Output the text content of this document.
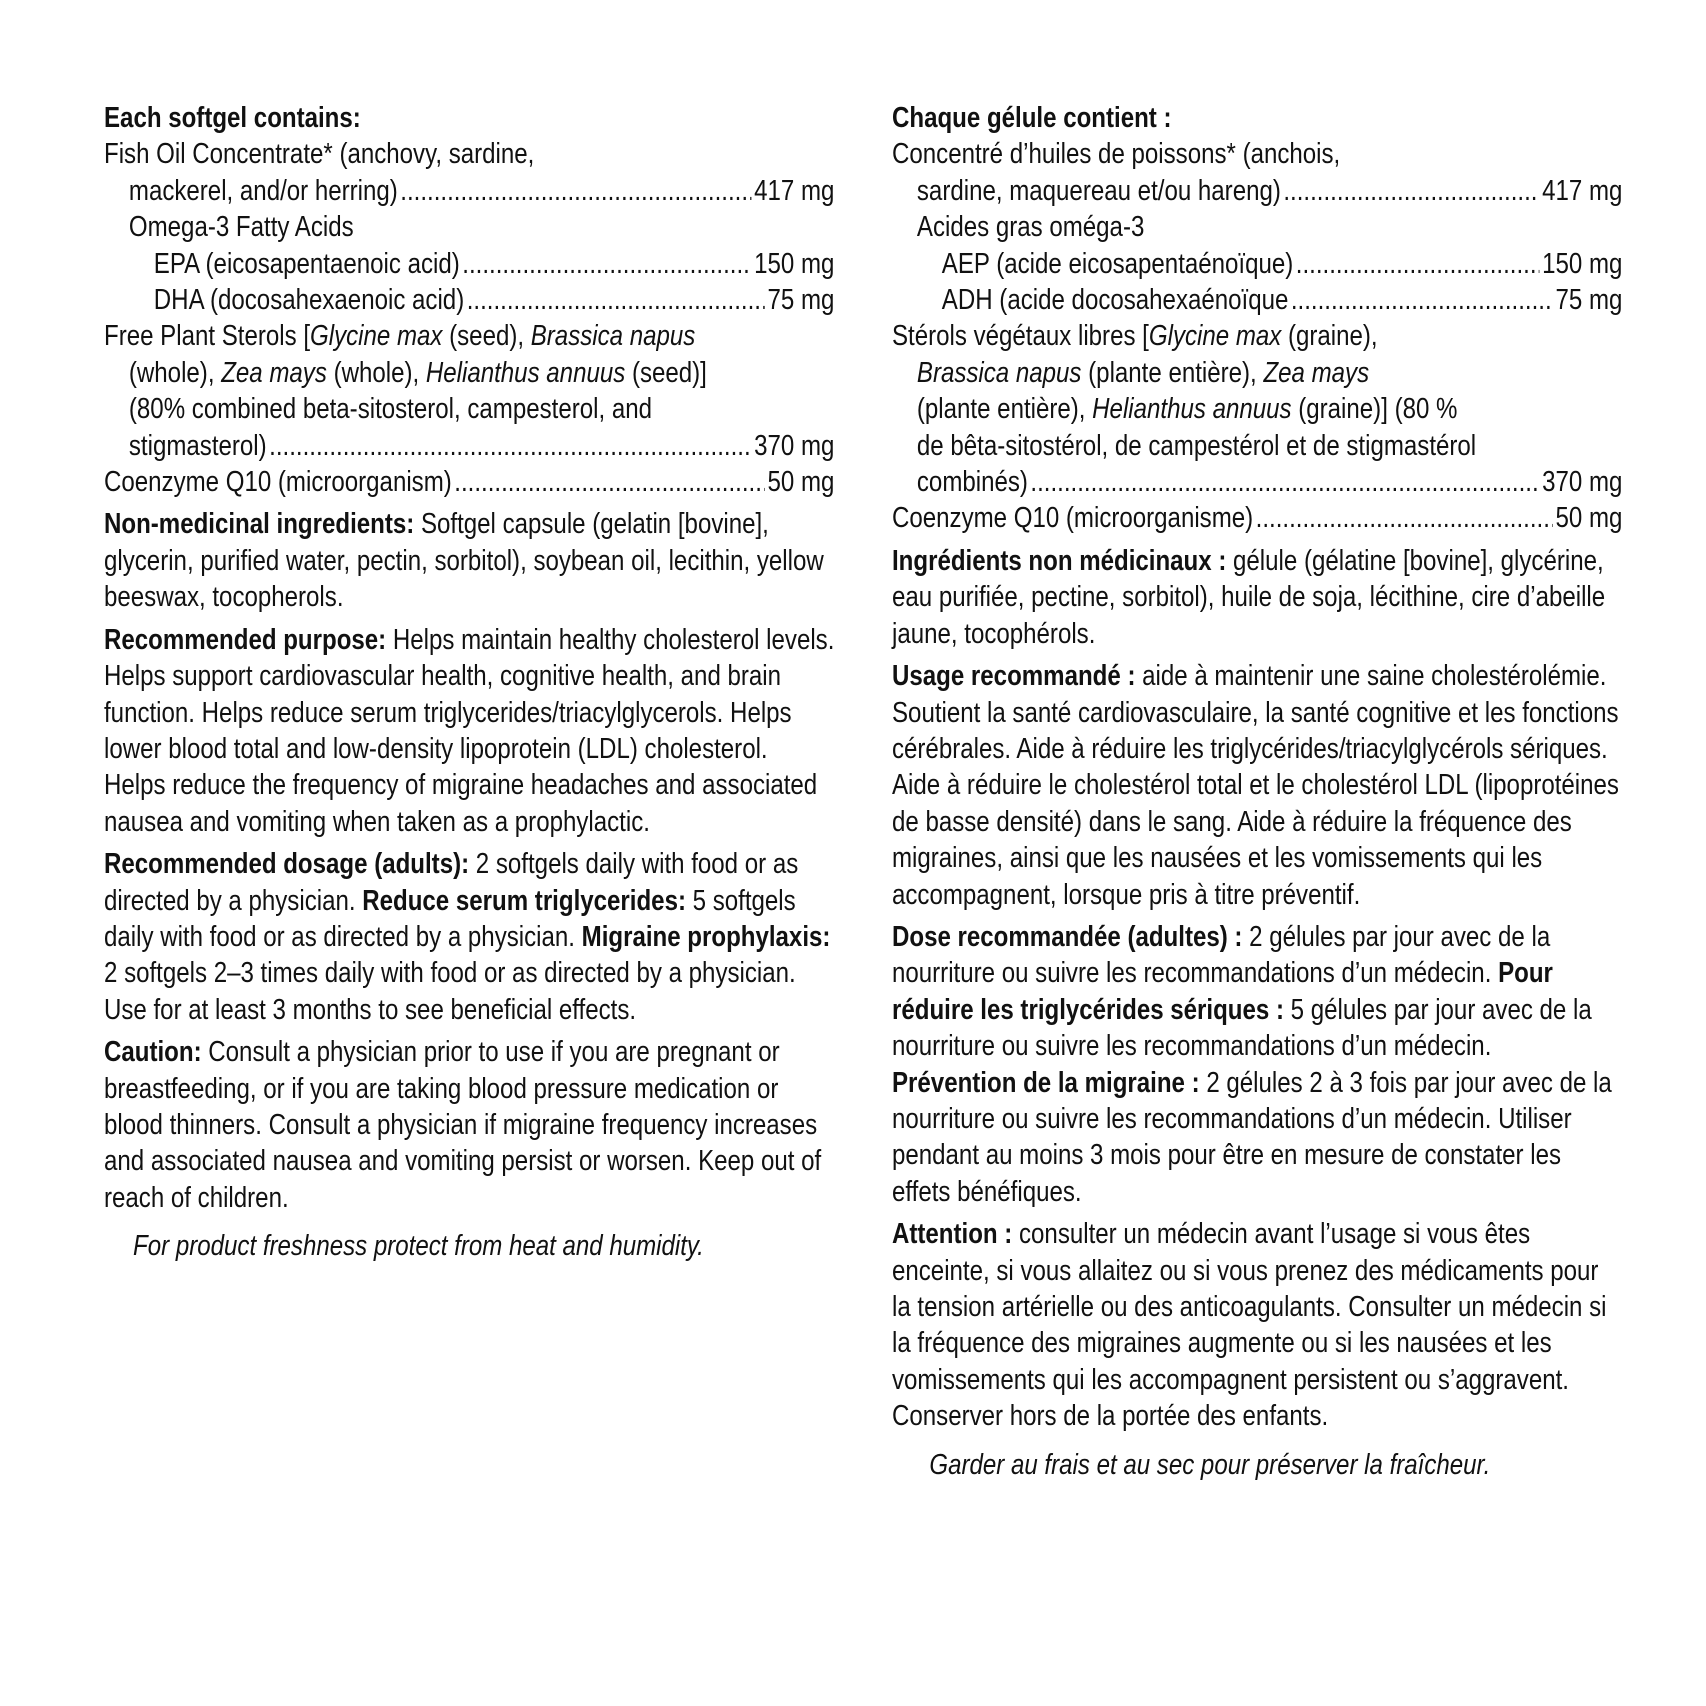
Each softgel contains:

Fish Oil Concentrate* (anchovy, sardine,

mackerel, and/or herring) .....	417 mg

Omega-3 Fatty Acids

EPA (eicosapentaenoic acid) .....	150 mg
DHA (docosahexaenoic acid) .....	75 mg

Free Plant Sterols [Glycine max (seed), Brassica napus

(whole), Zea mays (whole), Helianthus annuus (seed)]

(80% combined beta-sitosterol, campesterol, and

stigmasterol) .....	370 mg
Coenzyme Q10 (microorganism) .....	50 mg

Non-medicinal ingredients: Softgel capsule (gelatin [bovine], glycerin, purified water, pectin, sorbitol), soybean oil, lecithin, yellow beeswax, tocopherols.

Recommended purpose: Helps maintain healthy cholesterol levels. Helps support cardiovascular health, cognitive health, and brain function. Helps reduce serum triglycerides/triacylglycerols. Helps lower blood total and low-density lipoprotein (LDL) cholesterol. Helps reduce the frequency of migraine headaches and associated nausea and vomiting when taken as a prophylactic.

Recommended dosage (adults): 2 softgels daily with food or as directed by a physician. Reduce serum triglycerides: 5 softgels daily with food or as directed by a physician. Migraine prophylaxis: 2 softgels 2–3 times daily with food or as directed by a physician. Use for at least 3 months to see beneficial effects.

Caution: Consult a physician prior to use if you are pregnant or breastfeeding, or if you are taking blood pressure medication or blood thinners. Consult a physician if migraine frequency increases and associated nausea and vomiting persist or worsen. Keep out of reach of children.

For product freshness protect from heat and humidity.

Chaque gélule contient :

Concentré d’huiles de poissons* (anchois,

sardine, maquereau et/ou hareng) .....	417 mg

Acides gras oméga-3

AEP (acide eicosapentaénoïque) .....	150 mg
ADH (acide docosahexaénoïque .....	75 mg

Stérols végétaux libres [Glycine max (graine),

Brassica napus (plante entière), Zea mays

(plante entière), Helianthus annuus (graine)] (80 %

de bêta-sitostérol, de campestérol et de stigmastérol

combinés) .....	370 mg
Coenzyme Q10 (microorganisme) .....	50 mg

Ingrédients non médicinaux : gélule (gélatine [bovine], glycérine, eau purifiée, pectine, sorbitol), huile de soja, lécithine, cire d’abeille jaune, tocophérols.

Usage recommandé : aide à maintenir une saine cholestérolémie. Soutient la santé cardiovasculaire, la santé cognitive et les fonctions cérébrales. Aide à réduire les triglycérides/triacylglycérols sériques. Aide à réduire le cholestérol total et le cholestérol LDL (lipoprotéines de basse densité) dans le sang. Aide à réduire la fréquence des migraines, ainsi que les nausées et les vomissements qui les accompagnent, lorsque pris à titre préventif.

Dose recommandée (adultes) : 2 gélules par jour avec de la nourriture ou suivre les recommandations d’un médecin. Pour réduire les triglycérides sériques : 5 gélules par jour avec de la nourriture ou suivre les recommandations d’un médecin. Prévention de la migraine : 2 gélules 2 à 3 fois par jour avec de la nourriture ou suivre les recommandations d’un médecin. Utiliser pendant au moins 3 mois pour être en mesure de constater les effets bénéfiques.

Attention : consulter un médecin avant l’usage si vous êtes enceinte, si vous allaitez ou si vous prenez des médicaments pour la tension artérielle ou des anticoagulants. Consulter un médecin si la fréquence des migraines augmente ou si les nausées et les vomissements qui les accompagnent persistent ou s’aggravent. Conserver hors de la portée des enfants.

Garder au frais et au sec pour préserver la fraîcheur.
